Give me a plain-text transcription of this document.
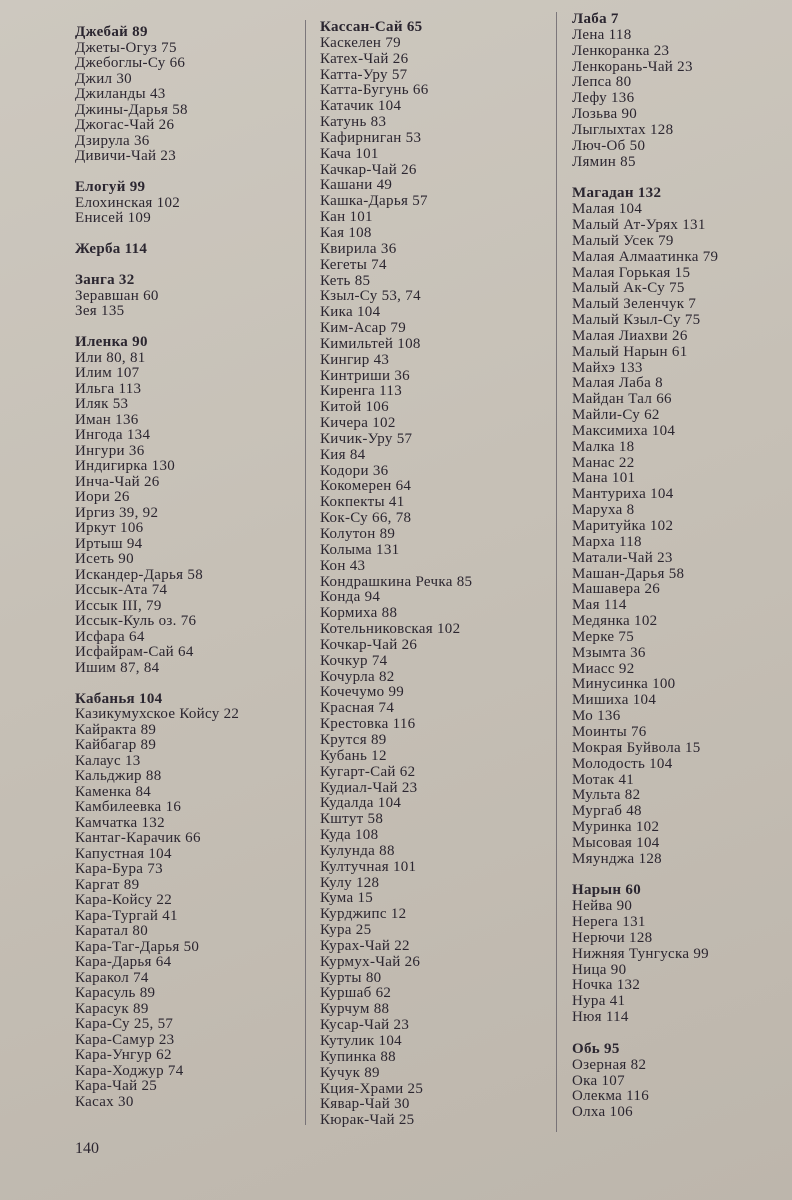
Джебай 89
Джеты-Огуз 75
Джебоглы-Су 66
Джил 30
Джиланды 43
Джины-Дарья 58
Джогас-Чай 26
Дзирула 36
Дивичи-Чай 23
Елогуй 99
Елохинская 102
Енисей 109
Жерба 114
Занга 32
Зеравшан 60
Зея 135
Иленка 90
Или 80, 81
Илим 107
Ильга 113
Иляк 53
Иман 136
Ингода 134
Ингури 36
Индигирка 130
Инча-Чай 26
Иори 26
Иргиз 39, 92
Иркут 106
Иртыш 94
Исеть 90
Искандер-Дарья 58
Иссык-Ата 74
Иссык III, 79
Иссык-Куль оз. 76
Исфара 64
Исфайрам-Сай 64
Ишим 87, 84
Кабанья 104
Казикумухское Койсу 22
Кайракта 89
Кайбагар 89
Калаус 13
Кальджир 88
Каменка 84
Камбилеевка 16
Камчатка 132
Кантаг-Карачик 66
Капустная 104
Кара-Бура 73
Каргат 89
Кара-Койсу 22
Кара-Тургай 41
Каратал 80
Кара-Таг-Дарья 50
Кара-Дарья 64
Каракол 74
Карасуль 89
Карасук 89
Кара-Су 25, 57
Кара-Самур 23
Кара-Унгур 62
Кара-Ходжур 74
Кара-Чай 25
Касах 30
Кассан-Сай 65
Каскелен 79
Катех-Чай 26
Катта-Уру 57
Катта-Бугунь 66
Катачик 104
Катунь 83
Кафирниган 53
Кача 101
Качкар-Чай 26
Кашани 49
Кашка-Дарья 57
Кан 101
Кая 108
Квирила 36
Кегеты 74
Кеть 85
Кзыл-Су 53, 74
Кика 104
Ким-Асар 79
Кимильтей 108
Кингир 43
Кинтриши 36
Киренга 113
Китой 106
Кичера 102
Кичик-Уру 57
Кия 84
Кодори 36
Кокомерен 64
Кокпекты 41
Кок-Су 66, 78
Колутон 89
Колыма 131
Кон 43
Кондрашкина Речка 85
Конда 94
Кормиха 88
Котельниковская 102
Кочкар-Чай 26
Кочкур 74
Кочурла 82
Кочечумо 99
Красная 74
Крестовка 116
Крутся 89
Кубань 12
Кугарт-Сай 62
Кудиал-Чай 23
Кудалда 104
Кштут 58
Куда 108
Кулунда 88
Култучная 101
Кулу 128
Кума 15
Курджипс 12
Кура 25
Курах-Чай 22
Курмух-Чай 26
Курты 80
Куршаб 62
Курчум 88
Кусар-Чай 23
Кутулик 104
Купинка 88
Кучук 89
Кция-Храми 25
Кявар-Чай 30
Кюрак-Чай 25
Лаба 7
Лена 118
Ленкоранка 23
Ленкорань-Чай 23
Лепса 80
Лефу 136
Лозьва 90
Лыглыхтах 128
Люч-Об 50
Лямин 85
Магадан 132
Малая 104
Малый Ат-Урях 131
Малый Усек 79
Малая Алмаатинка 79
Малая Горькая 15
Малый Ак-Су 75
Малый Зеленчук 7
Малый Кзыл-Су 75
Малая Лиахви 26
Малый Нарын 61
Майхэ 133
Малая Лаба 8
Майдан Тал 66
Майли-Су 62
Максимиха 104
Малка 18
Манас 22
Мана 101
Мантуриха 104
Маруха 8
Маритуйка 102
Марха 118
Матали-Чай 23
Машан-Дарья 58
Машавера 26
Мая 114
Медянка 102
Мерке 75
Мзымта 36
Миасс 92
Минусинка 100
Мишиха 104
Мо 136
Моинты 76
Мокрая Буйвола 15
Молодость 104
Мотак 41
Мульта 82
Мургаб 48
Муринка 102
Мысовая 104
Мяунджа 128
Нарын 60
Нейва 90
Нерега 131
Нерючи 128
Нижняя Тунгуска 99
Ница 90
Ночка 132
Нура 41
Нюя 114
Обь 95
Озерная 82
Ока 107
Олекма 116
Олха 106
140
